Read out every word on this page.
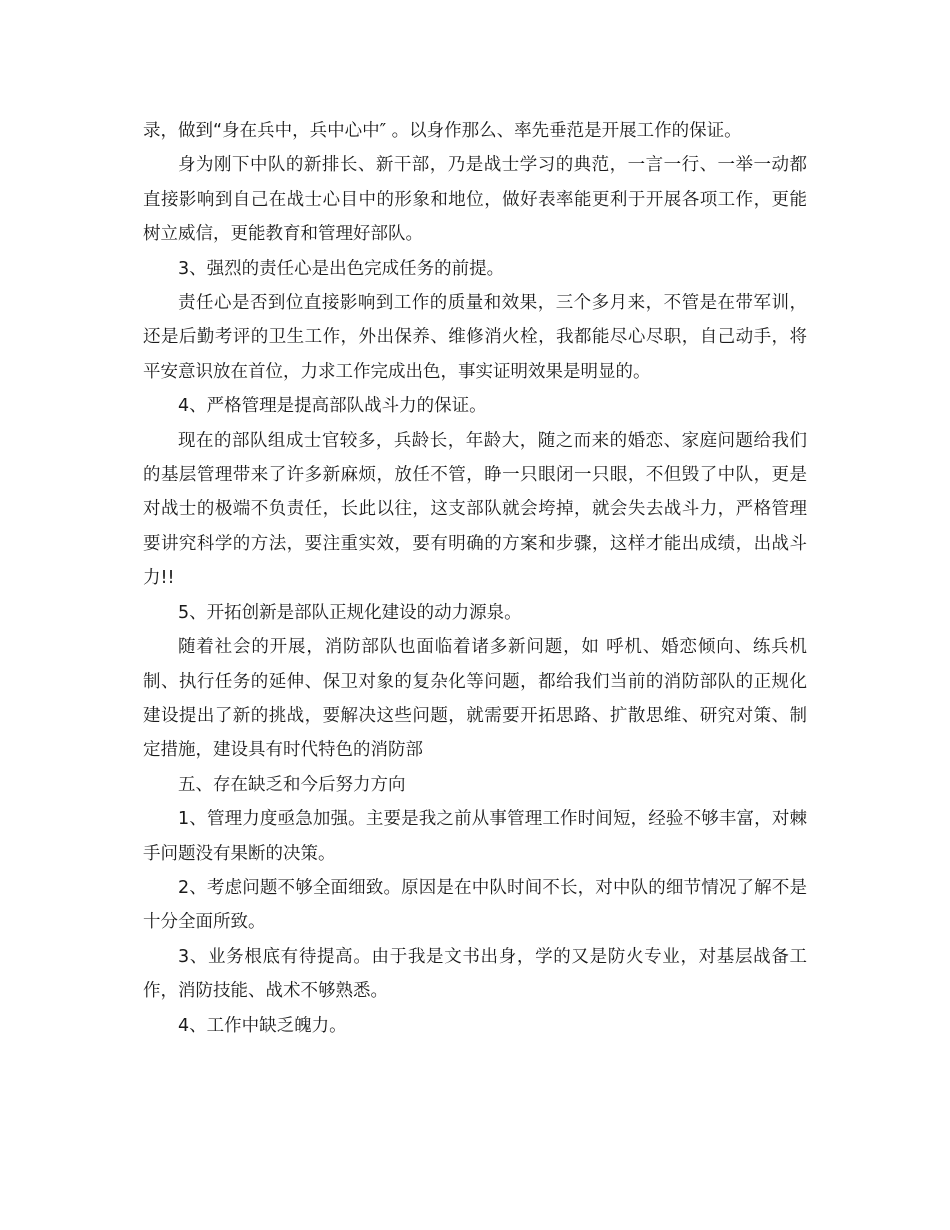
录，做到“身在兵中，兵中心中″ 。以身作那么、率先垂范是开展工作的保证。

身为刚下中队的新排长、新干部，乃是战士学习的典范，一言一行、一举一动都直接影响到自己在战士心目中的形象和地位，做好表率能更利于开展各项工作，更能树立威信，更能教育和管理好部队。

3、强烈的责任心是出色完成任务的前提。

责任心是否到位直接影响到工作的质量和效果，三个多月来，不管是在带军训，还是后勤考评的卫生工作，外出保养、维修消火栓，我都能尽心尽职，自己动手，将平安意识放在首位，力求工作完成出色，事实证明效果是明显的。

4、严格管理是提高部队战斗力的保证。

现在的部队组成士官较多，兵龄长，年龄大，随之而来的婚恋、家庭问题给我们的基层管理带来了许多新麻烦，放任不管，睁一只眼闭一只眼，不但毁了中队，更是对战士的极端不负责任，长此以往，这支部队就会垮掉，就会失去战斗力，严格管理要讲究科学的方法，要注重实效，要有明确的方案和步骤，这样才能出成绩，出战斗力!!

5、开拓创新是部队正规化建设的动力源泉。

随着社会的开展，消防部队也面临着诸多新问题，如 呼机、婚恋倾向、练兵机制、执行任务的延伸、保卫对象的复杂化等问题，都给我们当前的消防部队的正规化建设提出了新的挑战，要解决这些问题，就需要开拓思路、扩散思维、研究对策、制定措施，建设具有时代特色的消防部

五、存在缺乏和今后努力方向

1、管理力度亟急加强。主要是我之前从事管理工作时间短，经验不够丰富，对棘手问题没有果断的决策。

2、考虑问题不够全面细致。原因是在中队时间不长，对中队的细节情况了解不是十分全面所致。

3、业务根底有待提高。由于我是文书出身，学的又是防火专业，对基层战备工作，消防技能、战术不够熟悉。

4、工作中缺乏魄力。
